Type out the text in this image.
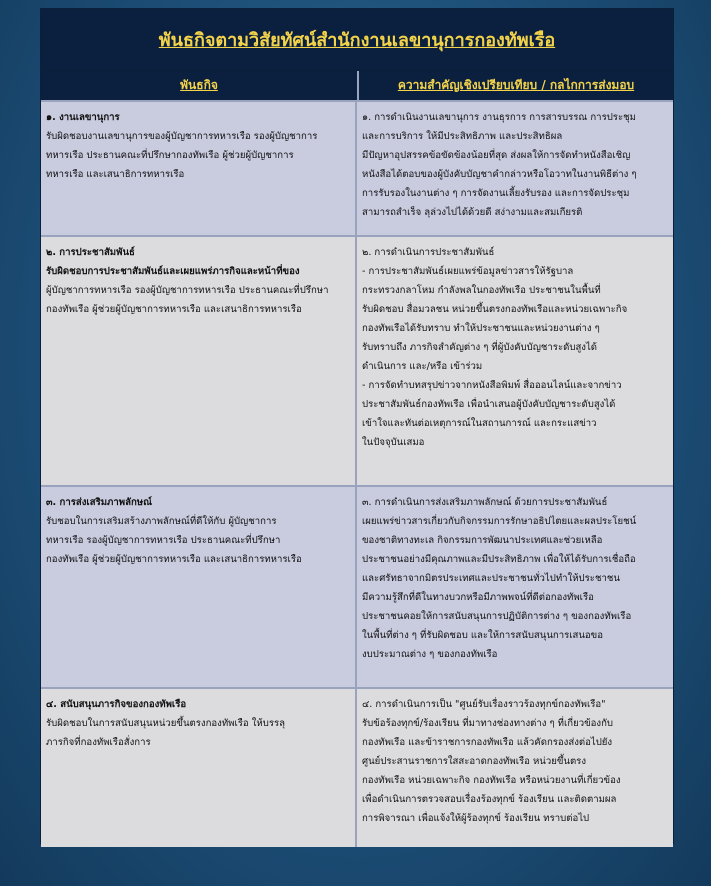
พันธกิจตามวิสัยทัศน์สำนักงานเลขานุการกองทัพเรือ
พันธกิจ	ความสำคัญเชิงเปรียบเทียบ / กลไกการส่งมอบ

๑. งานเลขานุการ

รับผิดชอบงานเลขานุการของผู้บัญชาการทหารเรือ รองผู้บัญชาการ

ทหารเรือ ประธานคณะที่ปรึกษากองทัพเรือ ผู้ช่วยผู้บัญชาการ

ทหารเรือ และเสนาธิการทหารเรือ

๑. การดำเนินงานเลขานุการ งานธุรการ การสารบรรณ การประชุม

และการบริการ ให้มีประสิทธิภาพ และประสิทธิผล

มีปัญหาอุปสรรคข้อขัดข้องน้อยที่สุด ส่งผลให้การจัดทำหนังสือเชิญ

หนังสือได้ตอบของผู้บังคับบัญชาคำกล่าวหรือโอวาทในงานพิธีต่าง ๆ

การรับรองในงานต่าง ๆ การจัดงานเลี้ยงรับรอง และการจัดประชุม

สามารถสำเร็จ ลุล่วงไปได้ด้วยดี สง่างามและสมเกียรติ

๒. การประชาสัมพันธ์

รับผิดชอบการประชาสัมพันธ์และเผยแพร่ภารกิจและหน้าที่ของ

ผู้บัญชาการทหารเรือ รองผู้บัญชาการทหารเรือ ประธานคณะที่ปรึกษา

กองทัพเรือ ผู้ช่วยผู้บัญชาการทหารเรือ และเสนาธิการทหารเรือ

๒. การดำเนินการประชาสัมพันธ์

- การประชาสัมพันธ์เผยแพร่ข้อมูลข่าวสารให้รัฐบาล

กระทรวงกลาโหม กำลังพลในกองทัพเรือ ประชาชนในพื้นที่

รับผิดชอบ สื่อมวลชน หน่วยขึ้นตรงกองทัพเรือและหน่วยเฉพาะกิจ

กองทัพเรือได้รับทราบ ทำให้ประชาชนและหน่วยงานต่าง ๆ

รับทราบถึง ภารกิจสำคัญต่าง ๆ ที่ผู้บังคับบัญชาระดับสูงได้

ดำเนินการ และ/หรือ เข้าร่วม

- การจัดทำบทสรุปข่าวจากหนังสือพิมพ์ สื่อออนไลน์และจากข่าว

ประชาสัมพันธ์กองทัพเรือ เพื่อนำเสนอผู้บังคับบัญชาระดับสูงได้

เข้าใจและทันต่อเหตุการณ์ในสถานการณ์ และกระแสข่าว

ในปัจจุบันเสมอ

๓. การส่งเสริมภาพลักษณ์

รับชอบในการเสริมสร้างภาพลักษณ์ที่ดีให้กับ ผู้บัญชาการ

ทหารเรือ รองผู้บัญชาการทหารเรือ ประธานคณะที่ปรึกษา

กองทัพเรือ ผู้ช่วยผู้บัญชาการทหารเรือ และเสนาธิการทหารเรือ

๓. การดำเนินการส่งเสริมภาพลักษณ์ ด้วยการประชาสัมพันธ์

เผยแพร่ข่าวสารเกี่ยวกับกิจกรรมการรักษาอธิปไตยและผลประโยชน์

ของชาติทางทะเล กิจกรรมการพัฒนาประเทศและช่วยเหลือ

ประชาชนอย่างมีคุณภาพและมีประสิทธิภาพ เพื่อให้ได้รับการเชื่อถือ

และศรัทธาจากมิตรประเทศและประชาชนทั่วไปทำให้ประชาชน

มีความรู้สึกที่ดีในทางบวกหรือมีภาพพจน์ที่ดีต่อกองทัพเรือ

ประชาชนคอยให้การสนับสนุนการปฏิบัติการต่าง ๆ ของกองทัพเรือ

ในพื้นที่ต่าง ๆ ที่รับผิดชอบ และให้การสนับสนุนการเสนอขอ

งบประมาณต่าง ๆ ของกองทัพเรือ

๔. สนับสนุนภารกิจของกองทัพเรือ

รับผิดชอบในการสนับสนุนหน่วยขึ้นตรงกองทัพเรือ ให้บรรลุ

ภารกิจที่กองทัพเรือสั่งการ

๔. การดำเนินการเป็น "ศูนย์รับเรื่องราวร้องทุกข์กองทัพเรือ"

รับข้อร้องทุกข์/ร้องเรียน ที่มาทางช่องทางต่าง ๆ ที่เกี่ยวข้องกับ

กองทัพเรือ และข้าราชการกองทัพเรือ แล้วคัดกรองส่งต่อไปยัง

ศูนย์ประสานราชการใสสะอาดกองทัพเรือ หน่วยขึ้นตรง

กองทัพเรือ หน่วยเฉพาะกิจ กองทัพเรือ หรือหน่วยงานที่เกี่ยวข้อง

เพื่อดำเนินการตรวจสอบเรื่องร้องทุกข์ ร้องเรียน และติดตามผล

การพิจารณา เพื่อแจ้งให้ผู้ร้องทุกข์ ร้องเรียน ทราบต่อไป
